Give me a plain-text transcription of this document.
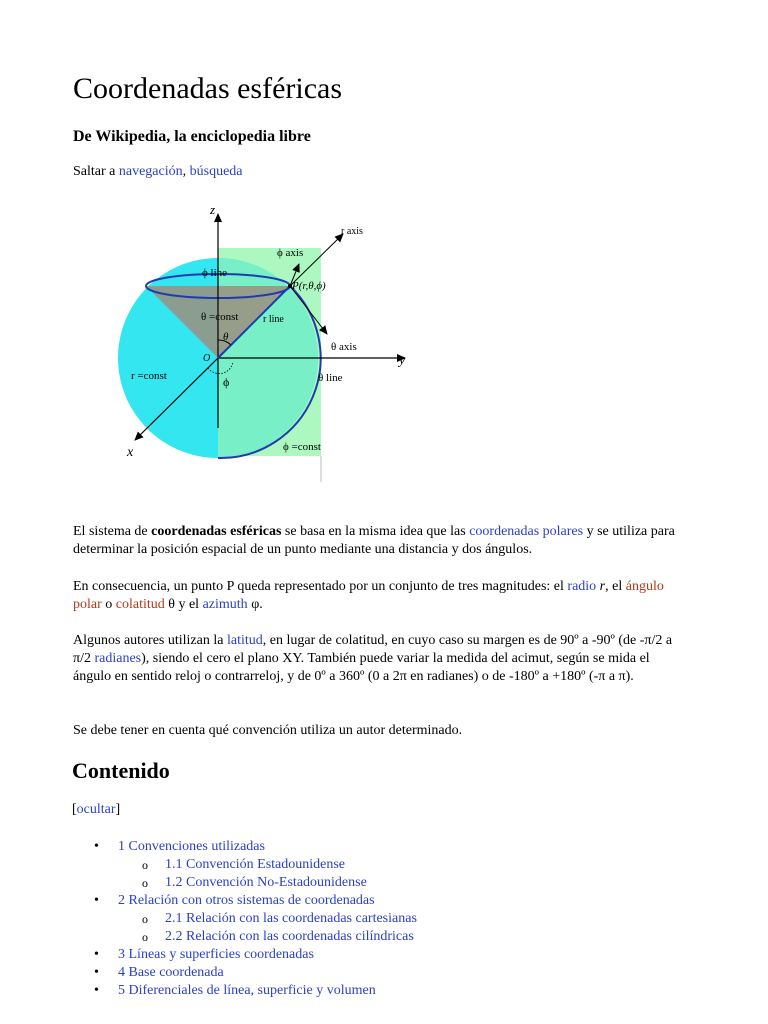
Coordenadas esféricas
De Wikipedia, la enciclopedia libre
Saltar a navegación, búsqueda
z
x
y
O
r axis
ϕ axis
θ axis
ϕ line
P(r,θ,ϕ)
θ =const r line
θ
r =const	ϕ	θ line
ϕ =const

El sistema de coordenadas esféricas se basa en la misma idea que las coordenadas polares y se utiliza para determinar la posición espacial de un punto mediante una distancia y dos ángulos.

En consecuencia, un punto P queda representado por un conjunto de tres magnitudes: el radio r, el ángulo polar o colatitud θ y el azimuth φ.

Algunos autores utilizan la latitud, en lugar de colatitud, en cuyo caso su margen es de 90º a -90º (de -π/2 a π/2 radianes), siendo el cero el plano XY. También puede variar la medida del acimut, según se mida el ángulo en sentido reloj o contrarreloj, y de 0º a 360º (0 a 2π en radianes) o de -180º a +180º (-π a π).

Se debe tener en cuenta qué convención utiliza un autor determinado.

Contenido
[ocultar]
• 1 Convenciones utilizadas
o 1.1 Convención Estadounidense
o 1.2 Convención No-Estadounidense
• 2 Relación con otros sistemas de coordenadas
o 2.1 Relación con las coordenadas cartesianas
o 2.2 Relación con las coordenadas cilíndricas
• 3 Líneas y superficies coordenadas
• 4 Base coordenada
• 5 Diferenciales de línea, superficie y volumen
